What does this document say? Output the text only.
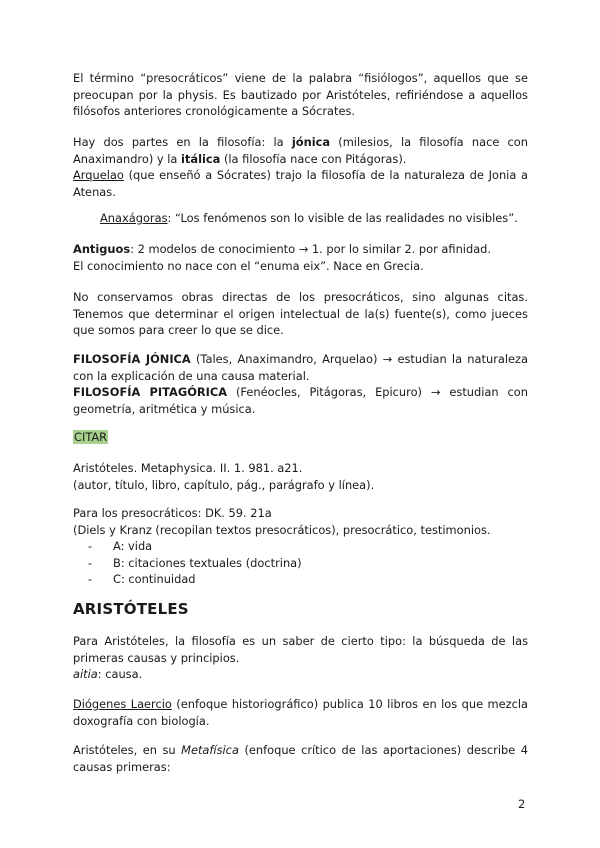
El término “presocráticos” viene de la palabra “fisiólogos”, aquellos que se preocupan por la physis. Es bautizado por Aristóteles, refiriéndose a aquellos filósofos anteriores cronológicamente a Sócrates.

Hay dos partes en la filosofía: la jónica (milesios, la filosofía nace con Anaximandro) y la itálica (la filosofía nace con Pitágoras).

Arquelao (que enseñó a Sócrates) trajo la filosofía de la naturaleza de Jonia a Atenas.

Anaxágoras: “Los fenómenos son lo visible de las realidades no visibles”.

Antiguos: 2 modelos de conocimiento → 1. por lo similar 2. por afinidad.

El conocimiento no nace con el “enuma eix”. Nace en Grecia.

No conservamos obras directas de los presocráticos, sino algunas citas. Tenemos que determinar el origen intelectual de la(s) fuente(s), como jueces que somos para creer lo que se dice.

FILOSOFÍA JÓNICA (Tales, Anaximandro, Arquelao) → estudian la naturaleza con la explicación de una causa material.

FILOSOFÍA PITAGÓRICA (Fenéocles, Pitágoras, Epicuro) → estudian con geometría, aritmética y música.

CITAR

Aristóteles. Metaphysica. II. 1. 981. a21.

(autor, título, libro, capítulo, pág., parágrafo y línea).

Para los presocráticos: DK. 59. 21a

(Diels y Kranz (recopilan textos presocráticos), presocrático, testimonios.

-	A: vida
-	B: citaciones textuales (doctrina)
-	C: continuidad
ARISTÓTELES

Para Aristóteles, la filosofía es un saber de cierto tipo: la búsqueda de las primeras causas y principios.

aitia: causa.

Diógenes Laercio (enfoque historiográfico) publica 10 libros en los que mezcla doxografía con biología.

Aristóteles, en su Metafísica (enfoque crítico de las aportaciones) describe 4 causas primeras:

2
